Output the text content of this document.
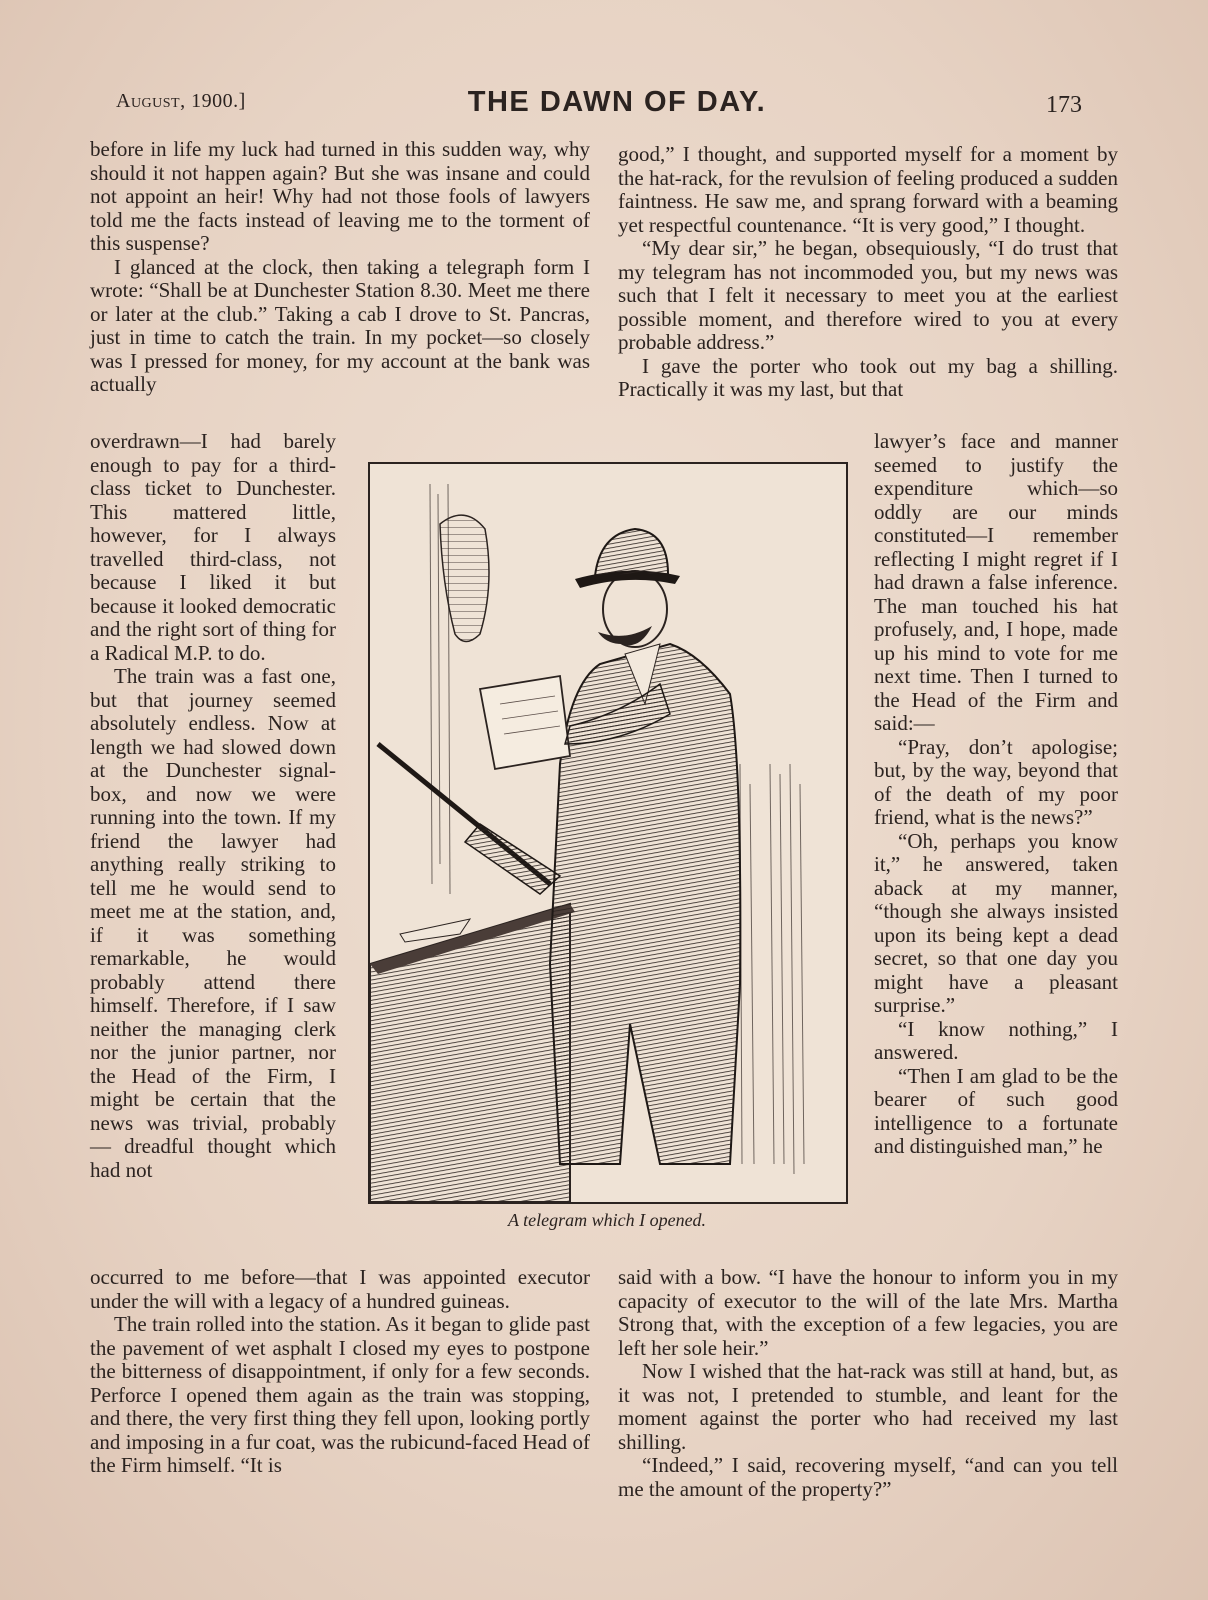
August, 1900.]	THE DAWN OF DAY.	173

before in life my luck had turned in this sudden way, why should it not happen again? But she was insane and could not appoint an heir! Why had not those fools of lawyers told me the facts instead of leaving me to the torment of this suspense?

I glanced at the clock, then taking a telegraph form I wrote: “Shall be at Dunchester Station 8.30. Meet me there or later at the club.” Taking a cab I drove to St. Pancras, just in time to catch the train. In my pocket—so closely was I pressed for money, for my account at the bank was actually

overdrawn—I had barely enough to pay for a third-class ticket to Dunchester. This mattered little, however, for I always travelled third-class, not because I liked it but because it looked democratic and the right sort of thing for a Radical M.P. to do.

The train was a fast one, but that journey seemed absolutely endless. Now at length we had slowed down at the Dunchester signal-box, and now we were running into the town. If my friend the lawyer had anything really striking to tell me he would send to meet me at the station, and, if it was something remarkable, he would probably attend there himself. Therefore, if I saw neither the managing clerk nor the junior partner, nor the Head of the Firm, I might be certain that the news was trivial, probably — dreadful thought which had not

occurred to me before—that I was appointed executor under the will with a legacy of a hundred guineas.

The train rolled into the station. As it began to glide past the pavement of wet asphalt I closed my eyes to postpone the bitterness of disappointment, if only for a few seconds. Perforce I opened them again as the train was stopping, and there, the very first thing they fell upon, looking portly and imposing in a fur coat, was the rubicund-faced Head of the Firm himself. “It is

good,” I thought, and supported myself for a moment by the hat-rack, for the revulsion of feeling produced a sudden faintness. He saw me, and sprang forward with a beaming yet respectful countenance. “It is very good,” I thought.

“My dear sir,” he began, obsequiously, “I do trust that my telegram has not incommoded you, but my news was such that I felt it necessary to meet you at the earliest possible moment, and therefore wired to you at every probable address.”

I gave the porter who took out my bag a shilling. Practically it was my last, but that

lawyer’s face and manner seemed to justify the expenditure which—so oddly are our minds constituted—I remember reflecting I might regret if I had drawn a false inference. The man touched his hat profusely, and, I hope, made up his mind to vote for me next time. Then I turned to the Head of the Firm and said:—

“Pray, don’t apologise; but, by the way, beyond that of the death of my poor friend, what is the news?”

“Oh, perhaps you know it,” he answered, taken aback at my manner, “though she always insisted upon its being kept a dead secret, so that one day you might have a pleasant surprise.”

“I know nothing,” I answered.

“Then I am glad to be the bearer of such good intelligence to a fortunate and distinguished man,” he

said with a bow. “I have the honour to inform you in my capacity of executor to the will of the late Mrs. Martha Strong that, with the exception of a few legacies, you are left her sole heir.”

Now I wished that the hat-rack was still at hand, but, as it was not, I pretended to stumble, and leant for the moment against the porter who had received my last shilling.

“Indeed,” I said, recovering myself, “and can you tell me the amount of the property?”

A telegram which I opened.
